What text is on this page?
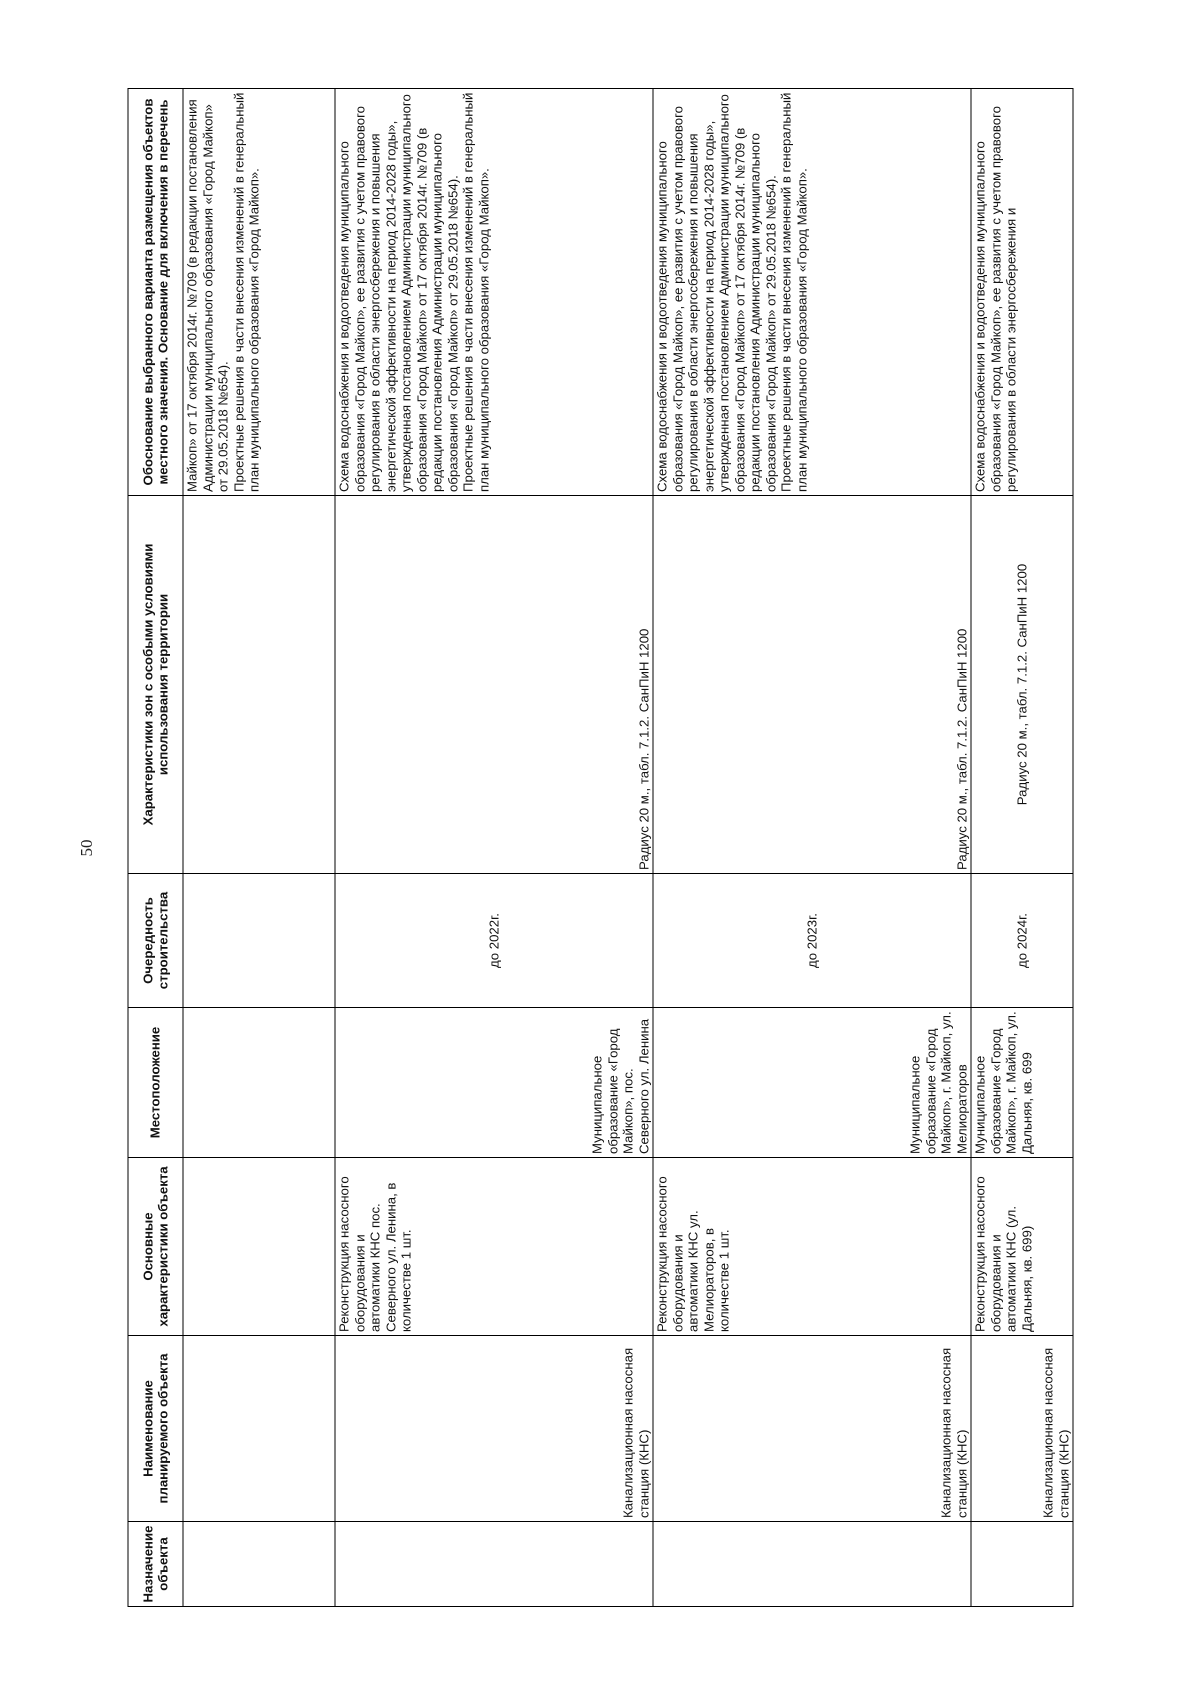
50
Назначение объекта	Наименование планируемого объекта	Основные характеристики объекта	Местоположение	Очередность строительства	Характеристики зон с особыми условиями использования территории	Обоснование выбранного варианта размещения объектов местного значения. Основание для включения в перечень
						Майкоп» от 17 октября 2014г. №709 (в редакции постановления Администрации муниципального образования «Город Майкоп» от 29.05.2018 №654).
Проектные решения в части внесения изменений в генеральный план муниципального образования «Город Майкоп».
	Канализационная насосная станция (КНС)	Реконструкция насосного оборудования и автоматики КНС пос. Северного ул. Ленина, в количестве 1 шт.	Муниципальное образование «Город Майкоп», пос. Северного ул. Ленина	до 2022г.	Радиус 20 м., табл. 7.1.2. СанПиН 1200	Схема водоснабжения и водоотведения муниципального образования «Город Майкоп», ее развития с учетом правового регулирования в области энергосбережения и повышения энергетической эффективности на период 2014-2028 годы», утвержденная постановлением Администрации муниципального образования «Город Майкоп» от 17 октября 2014г. №709 (в редакции постановления Администрации муниципального образования «Город Майкоп» от 29.05.2018 №654).
Проектные решения в части внесения изменений в генеральный план муниципального образования «Город Майкоп».
	Канализационная насосная станция (КНС)	Реконструкция насосного оборудования и автоматики КНС ул. Мелиораторов, в количестве 1 шт.	Муниципальное образование «Город Майкоп», г. Майкоп, ул. Мелиораторов	до 2023г.	Радиус 20 м., табл. 7.1.2. СанПиН 1200	Схема водоснабжения и водоотведения муниципального образования «Город Майкоп», ее развития с учетом правового регулирования в области энергосбережения и повышения энергетической эффективности на период 2014-2028 годы», утвержденная постановлением Администрации муниципального образования «Город Майкоп» от 17 октября 2014г. №709 (в редакции постановления Администрации муниципального образования «Город Майкоп» от 29.05.2018 №654).
Проектные решения в части внесения изменений в генеральный план муниципального образования «Город Майкоп».
	Канализационная насосная станция (КНС)	Реконструкция насосного оборудования и автоматики КНС (ул. Дальняя, кв. 699)	Муниципальное образование «Город Майкоп», г. Майкоп, ул. Дальняя, кв. 699	до 2024г.	Радиус 20 м., табл. 7.1.2. СанПиН 1200	Схема водоснабжения и водоотведения муниципального образования «Город Майкоп», ее развития с учетом правового регулирования в области энергосбережения и
